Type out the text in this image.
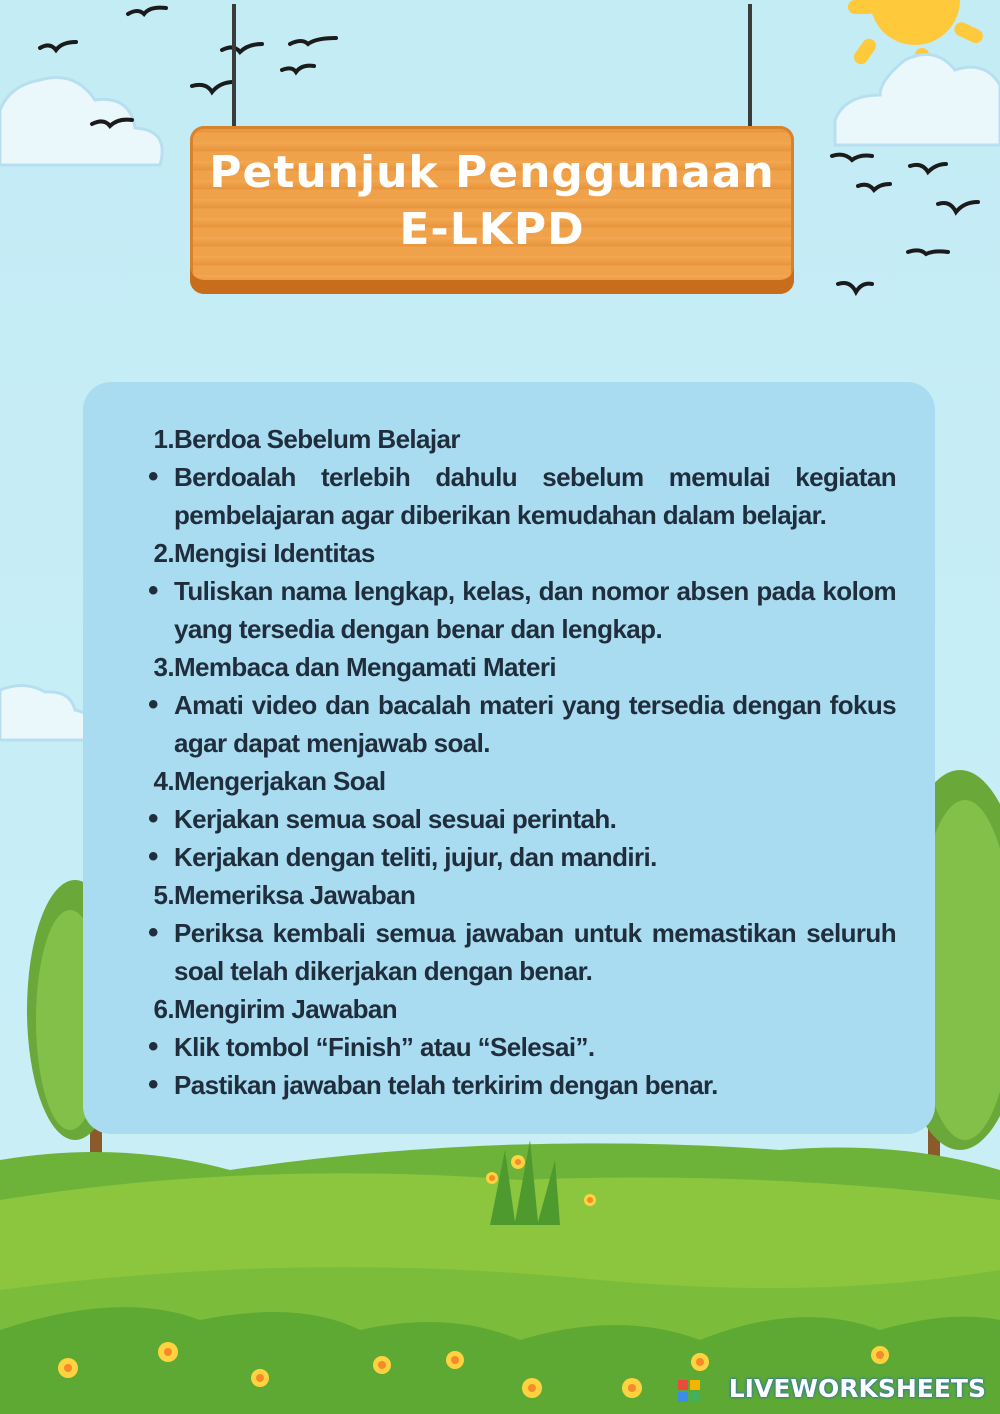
Petunjuk Penggunaan
E-LKPD
1. Berdoa Sebelum Belajar
• Berdoalah terlebih dahulu sebelum memulai kegiatan pembelajaran agar diberikan kemudahan dalam belajar.
2. Mengisi Identitas
• Tuliskan nama lengkap, kelas, dan nomor absen pada kolom yang tersedia dengan benar dan lengkap.
3. Membaca dan Mengamati Materi
• Amati video dan bacalah materi yang tersedia dengan fokus agar dapat menjawab soal.
4. Mengerjakan Soal
• Kerjakan semua soal sesuai perintah.
• Kerjakan dengan teliti, jujur, dan mandiri.
5. Memeriksa Jawaban
• Periksa kembali semua jawaban untuk memastikan seluruh soal telah dikerjakan dengan benar.
6. Mengirim Jawaban
• Klik tombol “Finish” atau “Selesai”.
• Pastikan jawaban telah terkirim dengan benar.
LIVEWORKSHEETS
